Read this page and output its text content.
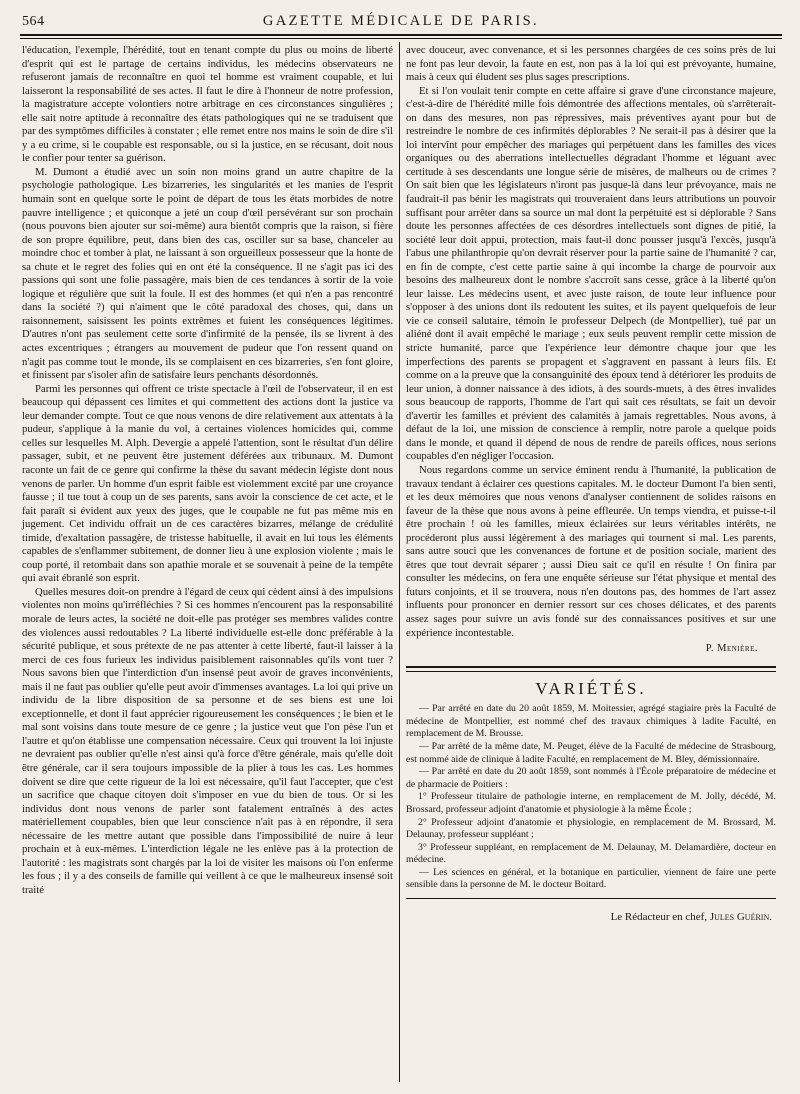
564	GAZETTE MÉDICALE DE PARIS.

l'éducation, l'exemple, l'hérédité, tout en tenant compte du plus ou moins de liberté d'esprit qui est le partage de certains individus, les médecins observateurs ne refuseront jamais de reconnaître en quoi tel homme est vraiment coupable, et lui laisseront la responsabilité de ses actes. Il faut le dire à l'honneur de notre profession, la magistrature accepte volontiers notre arbitrage en ces circonstances singulières ; elle sait notre aptitude à reconnaître des états pathologiques qui ne se traduisent que par des symptômes difficiles à constater ; elle remet entre nos mains le soin de dire s'il y a eu crime, si le coupable est responsable, ou si la justice, en se récusant, doit nous le confier pour tenter sa guérison.

M. Dumont a étudié avec un soin non moins grand un autre chapitre de la psychologie pathologique. Les bizarreries, les singularités et les manies de l'esprit humain sont en quelque sorte le point de départ de tous les états morbides de notre pauvre intelligence ; et quiconque a jeté un coup d'œil persévérant sur son prochain (nous pouvons bien ajouter sur soi-même) aura bientôt compris que la raison, si fière de son propre équilibre, peut, dans bien des cas, osciller sur sa base, chanceler au moindre choc et tomber à plat, ne laissant à son orgueilleux possesseur que la honte de sa chute et le regret des folies qui en ont été la conséquence. Il ne s'agit pas ici des passions qui sont une folie passagère, mais bien de ces tendances à sortir de la voie logique et régulière que suit la foule. Il est des hommes (et qui n'en a pas rencontré dans la société ?) qui n'aiment que le côté paradoxal des choses, qui, dans un raisonnement, saisissent les points extrêmes et fuient les conséquences légitimes. D'autres n'ont pas seulement cette sorte d'infirmité de la pensée, ils se livrent à des actes excentriques ; étrangers au mouvement de pudeur que l'on ressent quand on n'agit pas comme tout le monde, ils se complaisent en ces bizarreries, s'en font gloire, et finissent par s'isoler afin de satisfaire leurs penchants désordonnés.

Parmi les personnes qui offrent ce triste spectacle à l'œil de l'observateur, il en est beaucoup qui dépassent ces limites et qui commettent des actions dont la justice va leur demander compte. Tout ce que nous venons de dire relativement aux attentats à la pudeur, s'applique à la manie du vol, à certaines violences homicides qui, comme celles sur lesquelles M. Alph. Devergie a appelé l'attention, sont le résultat d'un délire passager, subit, et ne peuvent être justement déférées aux tribunaux. M. Dumont raconte un fait de ce genre qui confirme la thèse du savant médecin légiste dont nous venons de parler. Un homme d'un esprit faible est violemment excité par une croyance fausse ; il tue tout à coup un de ses parents, sans avoir la conscience de cet acte, et le fait paraît si évident aux yeux des juges, que le coupable ne fut pas même mis en jugement. Cet individu offrait un de ces caractères bizarres, mélange de crédulité timide, d'exaltation passagère, de tristesse habituelle, il avait en lui tous les éléments capables de s'enflammer subitement, de donner lieu à une explosion violente ; mais le coup porté, il retombait dans son apathie morale et se souvenait à peine de la tempête qui avait ébranlé son esprit.

Quelles mesures doit-on prendre à l'égard de ceux qui cèdent ainsi à des impulsions violentes non moins qu'irréfléchies ? Si ces hommes n'encourent pas la responsabilité morale de leurs actes, la société ne doit-elle pas protéger ses membres valides contre des violences aussi redoutables ? La liberté individuelle est-elle donc préférable à la sécurité publique, et sous prétexte de ne pas attenter à cette liberté, faut-il laisser à la merci de ces fous furieux les individus paisiblement raisonnables qu'ils vont tuer ? Nous savons bien que l'interdiction d'un insensé peut avoir de graves inconvénients, mais il ne faut pas oublier qu'elle peut avoir d'immenses avantages. La loi qui prive un individu de la libre disposition de sa personne et de ses biens est une loi exceptionnelle, et dont il faut apprécier rigoureusement les conséquences ; le bien et le mal sont voisins dans toute mesure de ce genre ; la justice veut que l'on pèse l'un et l'autre et qu'on établisse une compensation nécessaire. Ceux qui trouvent la loi injuste ne devraient pas oublier qu'elle n'est ainsi qu'à force d'être générale, mais qu'elle doit être générale, car il sera toujours impossible de la plier à tous les cas. Les hommes doivent se dire que cette rigueur de la loi est nécessaire, qu'il faut l'accepter, que c'est un sacrifice que chaque citoyen doit s'imposer en vue du bien de tous. Or si les individus dont nous venons de parler sont fatalement entraînés à des actes matériellement coupables, bien que leur conscience n'ait pas à en répondre, il sera nécessaire de les mettre autant que possible dans l'impossibilité de nuire à leur prochain et à eux-mêmes. L'interdiction légale ne les enlève pas à la protection de l'autorité : les magistrats sont chargés par la loi de visiter les maisons où l'on enferme les fous ; il y a des conseils de famille qui veillent à ce que le malheureux insensé soit traité

avec douceur, avec convenance, et si les personnes chargées de ces soins près de lui ne font pas leur devoir, la faute en est, non pas à la loi qui est prévoyante, humaine, mais à ceux qui éludent ses plus sages prescriptions.

Et si l'on voulait tenir compte en cette affaire si grave d'une circonstance majeure, c'est-à-dire de l'hérédité mille fois démontrée des affections mentales, où s'arrêterait-on dans des mesures, non pas répressives, mais préventives ayant pour but de restreindre le nombre de ces infirmités déplorables ? Ne serait-il pas à désirer que la loi intervînt pour empêcher des mariages qui perpétuent dans les familles des vices organiques ou des aberrations intellectuelles dégradant l'homme et léguant avec certitude à ses descendants une longue série de misères, de malheurs ou de crimes ? On sait bien que les législateurs n'iront pas jusque-là dans leur prévoyance, mais ne faudrait-il pas bénir les magistrats qui trouveraient dans leurs attributions un pouvoir suffisant pour arrêter dans sa source un mal dont la perpétuité est si déplorable ? Sans doute les personnes affectées de ces désordres intellectuels sont dignes de pitié, la société leur doit appui, protection, mais faut-il donc pousser jusqu'à l'excès, jusqu'à l'abus une philanthropie qu'on devrait réserver pour la partie saine de l'humanité ? car, en fin de compte, c'est cette partie saine à qui incombe la charge de pourvoir aux besoins des malheureux dont le nombre s'accroît sans cesse, grâce à la liberté qu'on leur laisse. Les médecins usent, et avec juste raison, de toute leur influence pour s'opposer à des unions dont ils redoutent les suites, et ils payent quelquefois de leur vie ce conseil salutaire, témoin le professeur Delpech (de Montpellier), tué par un aliéné dont il avait empêché le mariage ; eux seuls peuvent remplir cette mission de stricte humanité, parce que l'expérience leur démontre chaque jour que les imperfections des parents se propagent et s'aggravent en passant à leurs fils. Et comme on a la preuve que la consanguinité des époux tend à détériorer les produits de leur union, à donner naissance à des idiots, à des sourds-muets, à des êtres invalides sous beaucoup de rapports, l'homme de l'art qui sait ces résultats, se fait un devoir d'avertir les familles et prévient des calamités à jamais regrettables. Nous avons, à défaut de la loi, une mission de conscience à remplir, notre parole a quelque poids dans le monde, et quand il dépend de nous de rendre de pareils offices, nous serions coupables d'en négliger l'occasion.

Nous regardons comme un service éminent rendu à l'humanité, la publication de travaux tendant à éclairer ces questions capitales. M. le docteur Dumont l'a bien senti, et les deux mémoires que nous venons d'analyser contiennent de solides raisons en faveur de la thèse que nous avons à peine effleurée. Un temps viendra, et puisse-t-il être prochain ! où les familles, mieux éclairées sur leurs véritables intérêts, ne procéderont plus aussi légèrement à des mariages qui tournent si mal. Les parents, sans autre souci que les convenances de fortune et de position sociale, marient des êtres que tout devrait séparer ; aussi Dieu sait ce qu'il en résulte ! On finira par consulter les médecins, on fera une enquête sérieuse sur l'état physique et mental des futurs conjoints, et il se trouvera, nous n'en doutons pas, des hommes de l'art assez influents pour prononcer en dernier ressort sur ces choses délicates, et des parents assez sages pour suivre un avis fondé sur des connaissances positives et sur une expérience incontestable.

P. Menière.
VARIÉTÉS.

— Par arrêté en date du 20 août 1859, M. Moitessier, agrégé stagiaire près la Faculté de médecine de Montpellier, est nommé chef des travaux chimiques à ladite Faculté, en remplacement de M. Brousse.

— Par arrêté de la même date, M. Peuget, élève de la Faculté de médecine de Strasbourg, est nommé aide de clinique à ladite Faculté, en remplacement de M. Bley, démissionnaire.

— Par arrêté en date du 20 août 1859, sont nommés à l'École préparatoire de médecine et de pharmacie de Poitiers :

1° Professeur titulaire de pathologie interne, en remplacement de M. Jolly, décédé, M. Brossard, professeur adjoint d'anatomie et physiologie à la même École ;

2° Professeur adjoint d'anatomie et physiologie, en remplacement de M. Brossard, M. Delaunay, professeur suppléant ;

3° Professeur suppléant, en remplacement de M. Delaunay, M. Delamardière, docteur en médecine.

— Les sciences en général, et la botanique en particulier, viennent de faire une perte sensible dans la personne de M. le docteur Boitard.

Le Rédacteur en chef, Jules Guérin.
